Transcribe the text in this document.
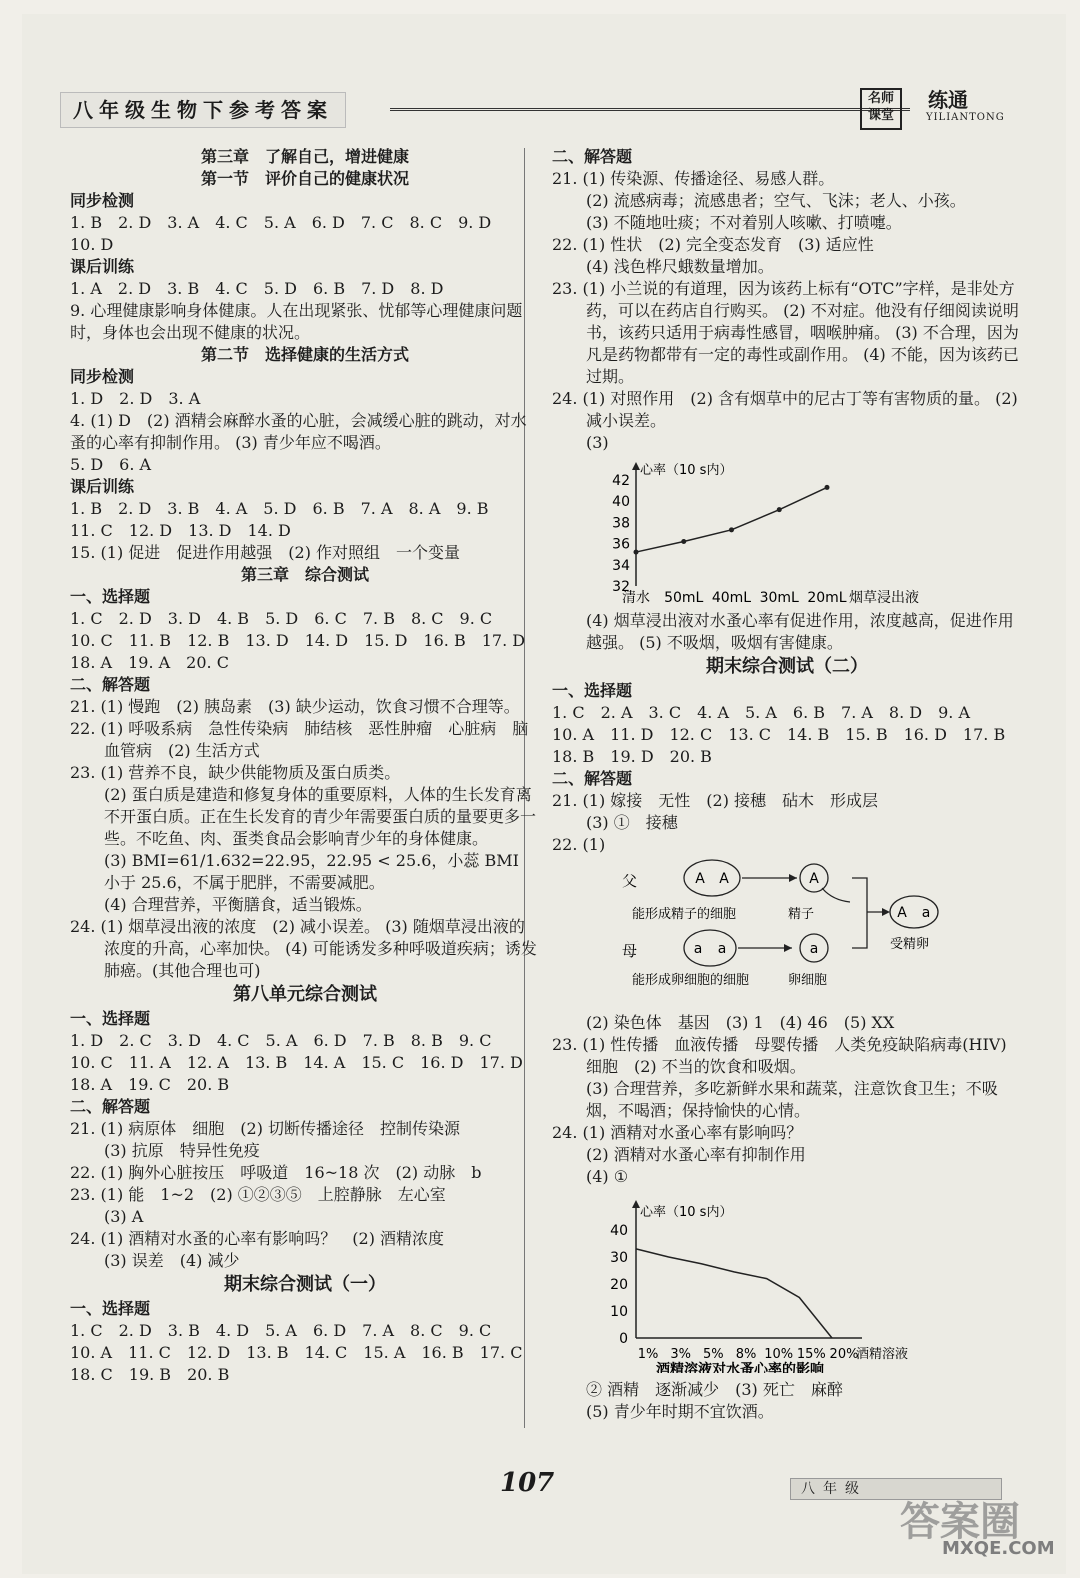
八年级生物下参考答案	名师课堂
练通
YILIANTONG
第三章　了解自己，增进健康
第一节　评价自己的健康状况
同步检测
1. B　2. D　3. A　4. C　5. A　6. D　7. C　8. C　9. D
10. D
课后训练
1. A　2. D　3. B　4. C　5. D　6. B　7. D　8. D
9. 心理健康影响身体健康。人在出现紧张、忧郁等心理健康问题时，身体也会出现不健康的状况。
第二节　选择健康的生活方式
同步检测
1. D　2. D　3. A
4. (1) D　(2) 酒精会麻醉水蚤的心脏，会减缓心脏的跳动，对水蚤的心率有抑制作用。 (3) 青少年应不喝酒。
5. D　6. A
课后训练
1. B　2. D　3. B　4. A　5. D　6. B　7. A　8. A　9. B
11. C　12. D　13. D　14. D
15. (1) 促进　促进作用越强　(2) 作对照组　一个变量
第三章　综合测试
一、选择题
1. C　2. D　3. D　4. B　5. D　6. C　7. B　8. C　9. C
10. C　11. B　12. B　13. D　14. D　15. D　16. B　17. D
18. A　19. A　20. C
二、解答题
21. (1) 慢跑　(2) 胰岛素　(3) 缺少运动，饮食习惯不合理等。
22. (1) 呼吸系病　急性传染病　肺结核　恶性肿瘤　心脏病　脑血管病　(2) 生活方式
23. (1) 营养不良，缺少供能物质及蛋白质类。
(2) 蛋白质是建造和修复身体的重要原料，人体的生长发育离不开蛋白质。正在生长发育的青少年需要蛋白质的量要更多一些。不吃鱼、肉、蛋类食品会影响青少年的身体健康。
(3) BMI=61/1.632=22.95，22.95 < 25.6，小蕊 BMI 小于 25.6，不属于肥胖，不需要减肥。
(4) 合理营养，平衡膳食，适当锻炼。
24. (1) 烟草浸出液的浓度　(2) 减小误差。 (3) 随烟草浸出液的浓度的升高，心率加快。 (4) 可能诱发多种呼吸道疾病；诱发肺癌。(其他合理也可)
第八单元综合测试
一、选择题
1. D　2. C　3. D　4. C　5. A　6. D　7. B　8. B　9. C
10. C　11. A　12. A　13. B　14. A　15. C　16. D　17. D
18. A　19. C　20. B
二、解答题
21. (1) 病原体　细胞　(2) 切断传播途径　控制传染源
(3) 抗原　特异性免疫
22. (1) 胸外心脏按压　呼吸道　16~18 次　(2) 动脉　b
23. (1) 能　1~2　(2) ①②③⑤　上腔静脉　左心室
(3) A
24. (1) 酒精对水蚤的心率有影响吗？　(2) 酒精浓度
(3) 误差　(4) 减少
期末综合测试（一）
一、选择题
1. C　2. D　3. B　4. D　5. A　6. D　7. A　8. C　9. C
10. A　11. C　12. D　13. B　14. C　15. A　16. B　17. C
18. C　19. B　20. B
二、解答题
21. (1) 传染源、传播途径、易感人群。
(2) 流感病毒；流感患者；空气、飞沫；老人、小孩。
(3) 不随地吐痰；不对着别人咳嗽、打喷嚏。
22. (1) 性状　(2) 完全变态发育　(3) 适应性
(4) 浅色桦尺蛾数量增加。
23. (1) 小兰说的有道理，因为该药上标有“OTC”字样，是非处方药，可以在药店自行购买。 (2) 不对症。他没有仔细阅读说明书，该药只适用于病毒性感冒，咽喉肿痛。 (3) 不合理，因为凡是药物都带有一定的毒性或副作用。 (4) 不能，因为该药已过期。
24. (1) 对照作用　(2) 含有烟草中的尼古丁等有害物质的量。 (2) 减小误差。
(3)
心率（10 s内）
42
40
38
36
34
32
清水 50mL 40mL 30mL 20mL 烟草浸出液
(4) 烟草浸出液对水蚤心率有促进作用，浓度越高，促进作用越强。 (5) 不吸烟，吸烟有害健康。
期末综合测试（二）
一、选择题
1. C　2. A　3. C　4. A　5. A　6. B　7. A　8. D　9. A
10. A　11. D　12. C　13. C　14. B　15. B　16. D　17. B
18. B　19. D　20. B
二、解答题
21. (1) 嫁接　无性　(2) 接穗　砧木　形成层
(3) ①　接穗
22. (1)
父	A A	A
能形成精子的细胞	精子
母	a a	a
能形成卵细胞的细胞	卵细胞
A a
受精卵
(2) 染色体　基因　(3) 1　(4) 46　(5) XX
23. (1) 性传播　血液传播　母婴传播　人类免疫缺陷病毒(HIV)　细胞　(2) 不当的饮食和吸烟。
(3) 合理营养，多吃新鲜水果和蔬菜，注意饮食卫生；不吸烟，不喝酒；保持愉快的心情。
24. (1) 酒精对水蚤心率有影响吗？
(2) 酒精对水蚤心率有抑制作用
(4) ①
心率（10 s内）
40
30
20
10
0
1% 3% 5% 8% 10% 15% 20%
酒精溶液
酒精溶液对水蚤心率的影响
② 酒精　逐渐减少　(3) 死亡　麻醉
(5) 青少年时期不宜饮酒。
107	八年级
答案圈
MXQE.COM
